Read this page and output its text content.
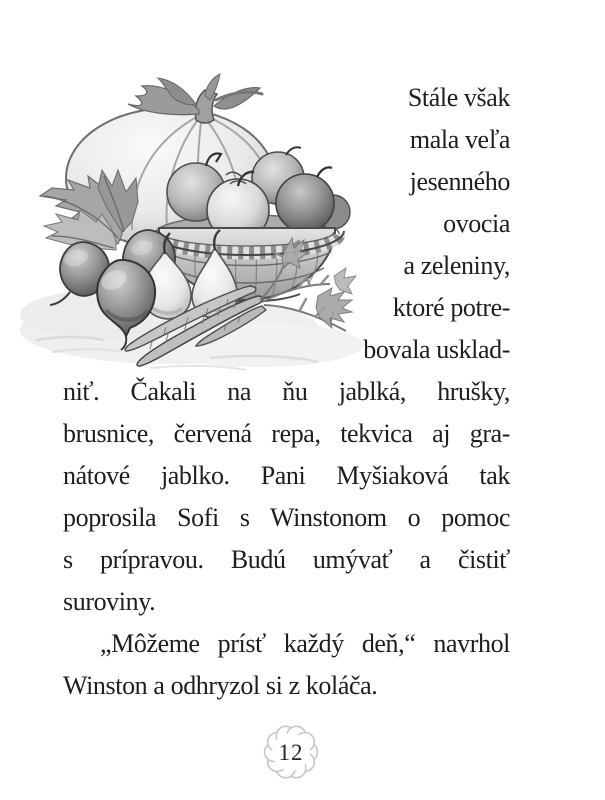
Stále však
mala veľa
jesenného
ovocia
a zeleniny,
ktoré potre-
bovala usklad-
niť. Čakali na ňu jablká, hrušky,
brusnice, červená repa, tekvica aj gra-
nátové jablko. Pani Myšiaková tak
poprosila Sofi s Winstonom o pomoc
s prípravou. Budú umývať a čistiť
suroviny.
„Môžeme prísť každý deň,“ navrhol
Winston a odhryzol si z koláča.
12
